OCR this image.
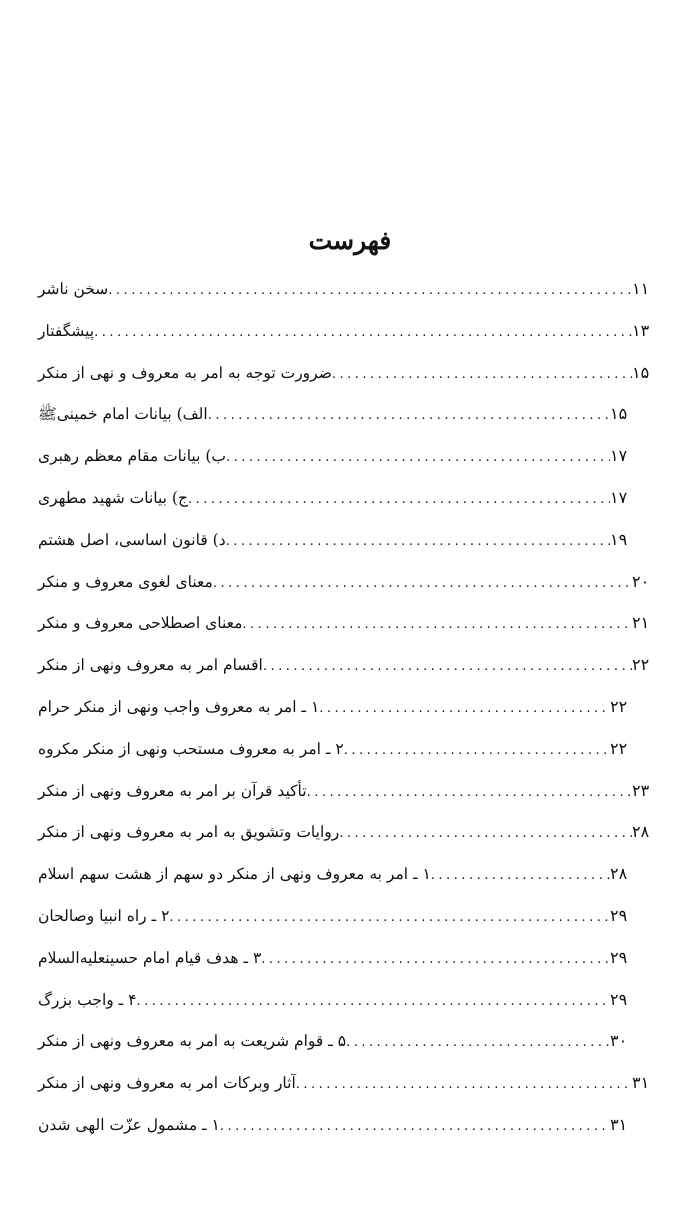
فهرست
سخن ناشر .....	۱۱
پیشگفتار .....	۱۳
ضرورت توجه به امر به معروف و نهی از منکر .....	۱۵
الف) بیانات امام خمینیﷺ .....	۱۵
ب) بیانات مقام معظم رهبری .....	۱۷
ج) بیانات شهید مطهری .....	۱۷
د) قانون اساسی، اصل هشتم .....	۱۹
معنای لغوی معروف و منکر .....	۲۰
معنای اصطلاحی معروف و منکر .....	۲۱
اقسام امر به معروف ونهی از منکر .....	۲۲
۱ ـ امر به معروف واجب ونهی از منکر حرام .....	۲۲
۲ ـ امر به معروف مستحب ونهی از منکر مکروه .....	۲۲
تأکید قرآن بر امر به معروف ونهی از منکر .....	۲۳
روایات وتشویق به امر به معروف ونهی از منکر .....	۲۸
۱ ـ امر به معروف ونهی از منکر دو سهم از هشت سهم اسلام .....	۲۸
۲ ـ راه انبیا وصالحان .....	۲۹
۳ ـ هدف قیام امام حسینعليه‌السلام .....	۲۹
۴ ـ واجب بزرگ .....	۲۹
۵ ـ قوام شریعت به امر به معروف ونهی از منکر .....	۳۰
آثار وبرکات امر به معروف ونهی از منکر .....	۳۱
۱ ـ مشمول عزّت الهی شدن .....	۳۱
